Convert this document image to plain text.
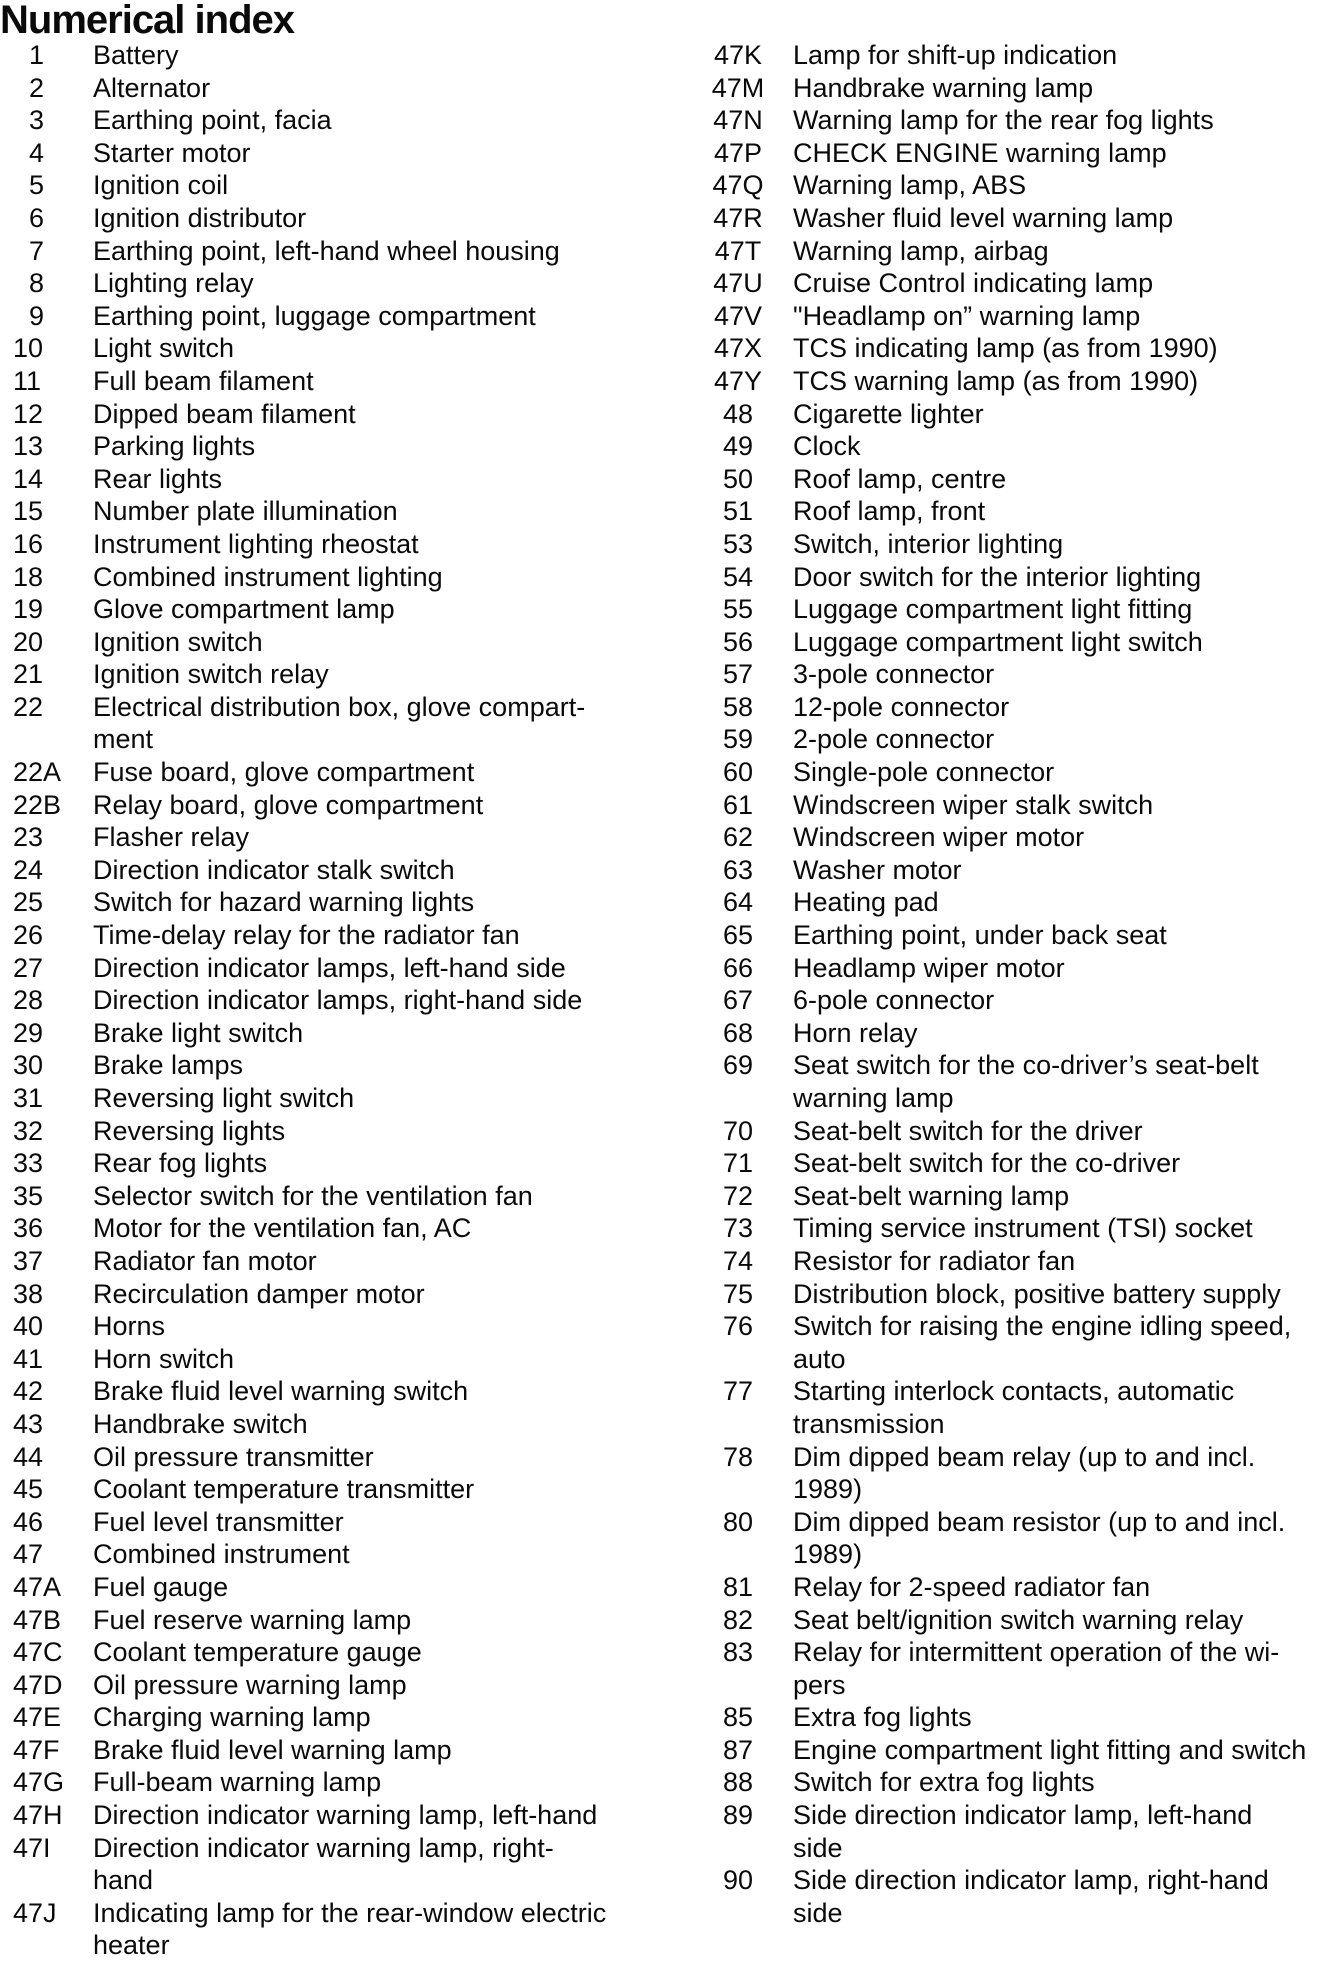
Numerical index
1	Battery
2	Alternator
3	Earthing point, facia
4	Starter motor
5	Ignition coil
6	Ignition distributor
7	Earthing point, left-hand wheel housing
8	Lighting relay
9	Earthing point, luggage compartment
10	Light switch
11	Full beam filament
12	Dipped beam filament
13	Parking lights
14	Rear lights
15	Number plate illumination
16	Instrument lighting rheostat
18	Combined instrument lighting
19	Glove compartment lamp
20	Ignition switch
21	Ignition switch relay
22	Electrical distribution box, glove compart-
ment
22A	Fuse board, glove compartment
22B	Relay board, glove compartment
23	Flasher relay
24	Direction indicator stalk switch
25	Switch for hazard warning lights
26	Time-delay relay for the radiator fan
27	Direction indicator lamps, left-hand side
28	Direction indicator lamps, right-hand side
29	Brake light switch
30	Brake lamps
31	Reversing light switch
32	Reversing lights
33	Rear fog lights
35	Selector switch for the ventilation fan
36	Motor for the ventilation fan, AC
37	Radiator fan motor
38	Recirculation damper motor
40	Horns
41	Horn switch
42	Brake fluid level warning switch
43	Handbrake switch
44	Oil pressure transmitter
45	Coolant temperature transmitter
46	Fuel level transmitter
47	Combined instrument
47A	Fuel gauge
47B	Fuel reserve warning lamp
47C	Coolant temperature gauge
47D	Oil pressure warning lamp
47E	Charging warning lamp
47F	Brake fluid level warning lamp
47G	Full-beam warning lamp
47H	Direction indicator warning lamp, left-hand
47I	Direction indicator warning lamp, right-
hand
47J	Indicating lamp for the rear-window electric
heater
47K	Lamp for shift-up indication
47M	Handbrake warning lamp
47N	Warning lamp for the rear fog lights
47P	CHECK ENGINE warning lamp
47Q	Warning lamp, ABS
47R	Washer fluid level warning lamp
47T	Warning lamp, airbag
47U	Cruise Control indicating lamp
47V	"Headlamp on” warning lamp
47X	TCS indicating lamp (as from 1990)
47Y	TCS warning lamp (as from 1990)
48	Cigarette lighter
49	Clock
50	Roof lamp, centre
51	Roof lamp, front
53	Switch, interior lighting
54	Door switch for the interior lighting
55	Luggage compartment light fitting
56	Luggage compartment light switch
57	3-pole connector
58	12-pole connector
59	2-pole connector
60	Single-pole connector
61	Windscreen wiper stalk switch
62	Windscreen wiper motor
63	Washer motor
64	Heating pad
65	Earthing point, under back seat
66	Headlamp wiper motor
67	6-pole connector
68	Horn relay
69	Seat switch for the co-driver’s seat-belt
warning lamp
70	Seat-belt switch for the driver
71	Seat-belt switch for the co-driver
72	Seat-belt warning lamp
73	Timing service instrument (TSI) socket
74	Resistor for radiator fan
75	Distribution block, positive battery supply
76	Switch for raising the engine idling speed,
auto
77	Starting interlock contacts, automatic
transmission
78	Dim dipped beam relay (up to and incl.
1989)
80	Dim dipped beam resistor (up to and incl.
1989)
81	Relay for 2-speed radiator fan
82	Seat belt/ignition switch warning relay
83	Relay for intermittent operation of the wi-
pers
85	Extra fog lights
87	Engine compartment light fitting and switch
88	Switch for extra fog lights
89	Side direction indicator lamp, left-hand
side
90	Side direction indicator lamp, right-hand
side
